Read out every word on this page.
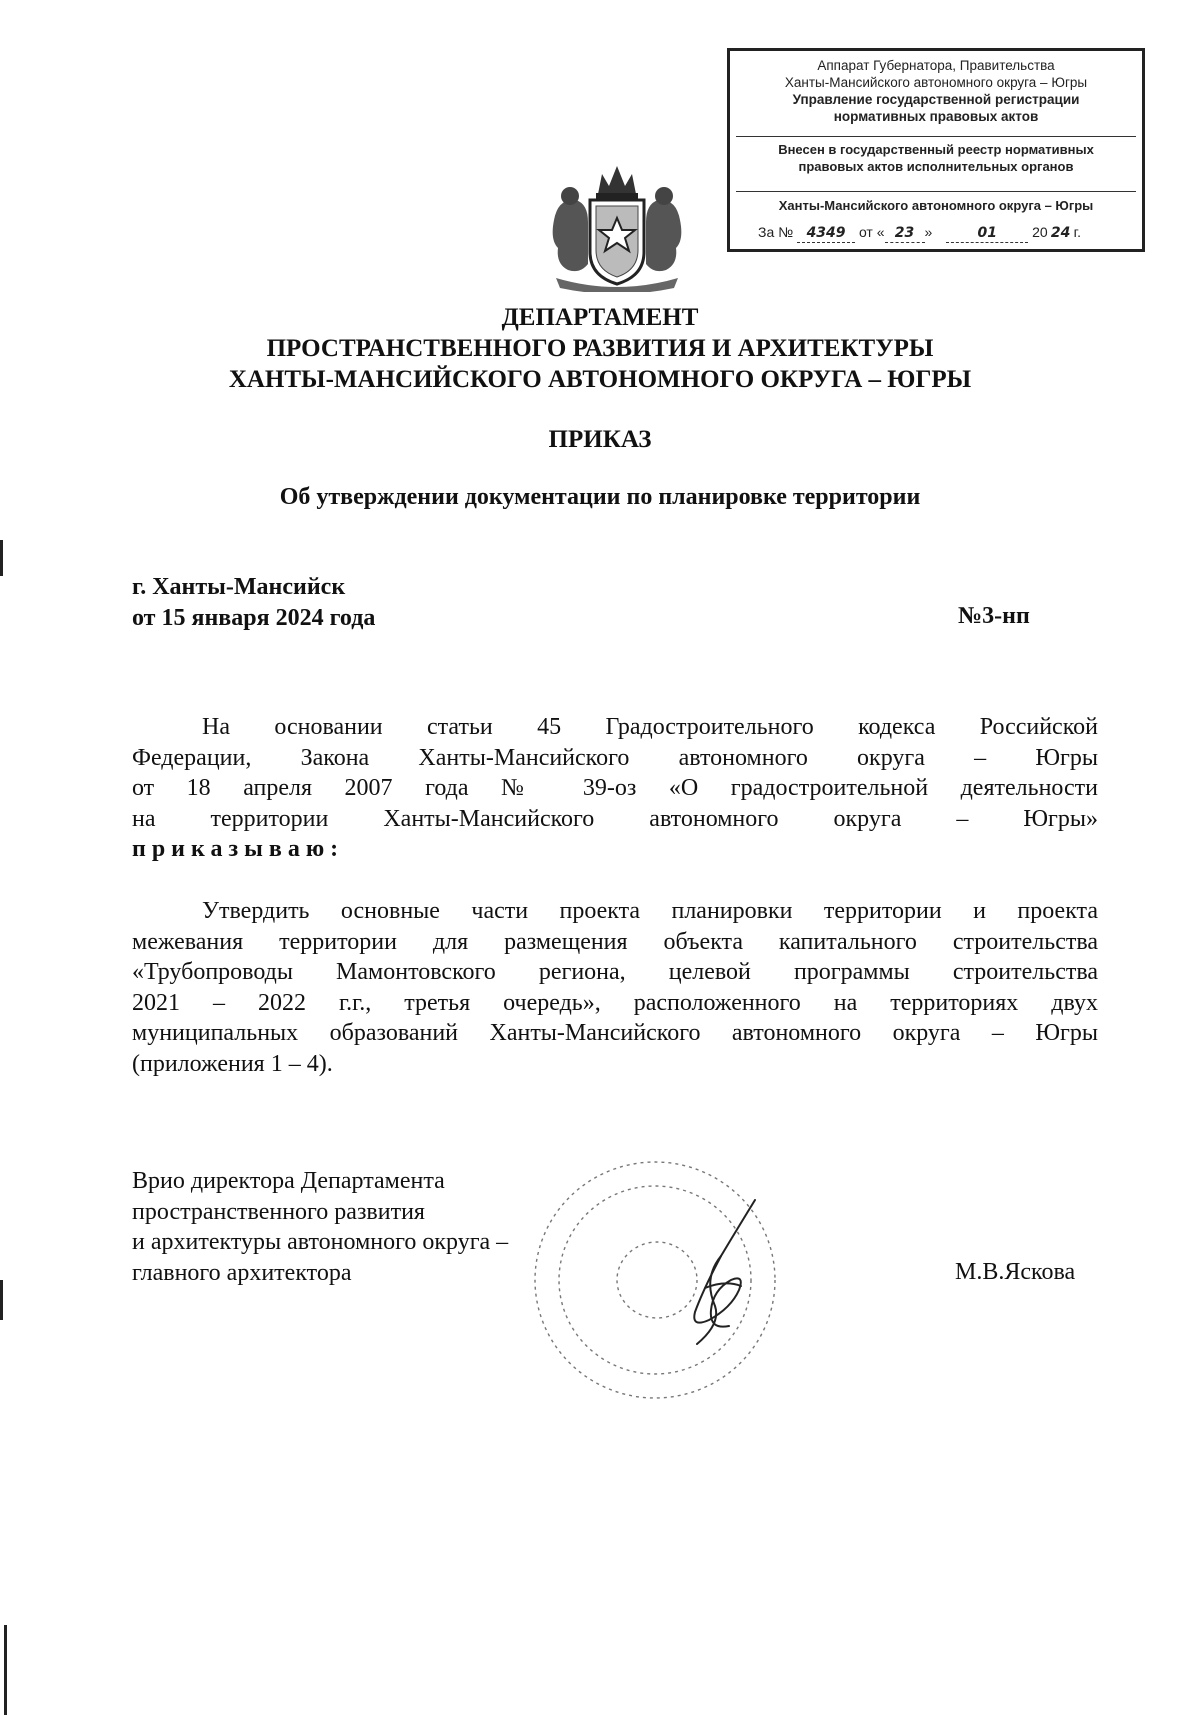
Аппарат Губернатора, Правительства
Ханты-Мансийского автономного округа – Югры
Управление государственной регистрации
нормативных правовых актов
Внесен в государственный реестр нормативных
правовых актов исполнительных органов
Ханты-Мансийского автономного округа – Югры
За № 4349 от « 23 »	01	20 24 г.
ДЕПАРТАМЕНТ
ПРОСТРАНСТВЕННОГО РАЗВИТИЯ И АРХИТЕКТУРЫ
ХАНТЫ-МАНСИЙСКОГО АВТОНОМНОГО ОКРУГА – ЮГРЫ
ПРИКАЗ
Об утверждении документации по планировке территории
г. Ханты-Мансийск
от 15 января 2024 года	№3-нп
На основании статьи 45 Градостроительного кодекса Российской
Федерации, Закона Ханты-Мансийского автономного округа – Югры
от 18 апреля 2007 года № 39-оз «О градостроительной деятельности
на территории Ханты-Мансийского автономного округа – Югры»
приказываю:
Утвердить основные части проекта планировки территории и проекта
межевания территории для размещения объекта капитального строительства
«Трубопроводы Мамонтовского региона, целевой программы строительства
2021 – 2022 г.г., третья очередь», расположенного на территориях двух
муниципальных образований Ханты-Мансийского автономного округа – Югры
(приложения 1 – 4).
Врио директора Департамента
пространственного развития
и архитектуры автономного округа –
главного архитектора	М.В.Яскова
